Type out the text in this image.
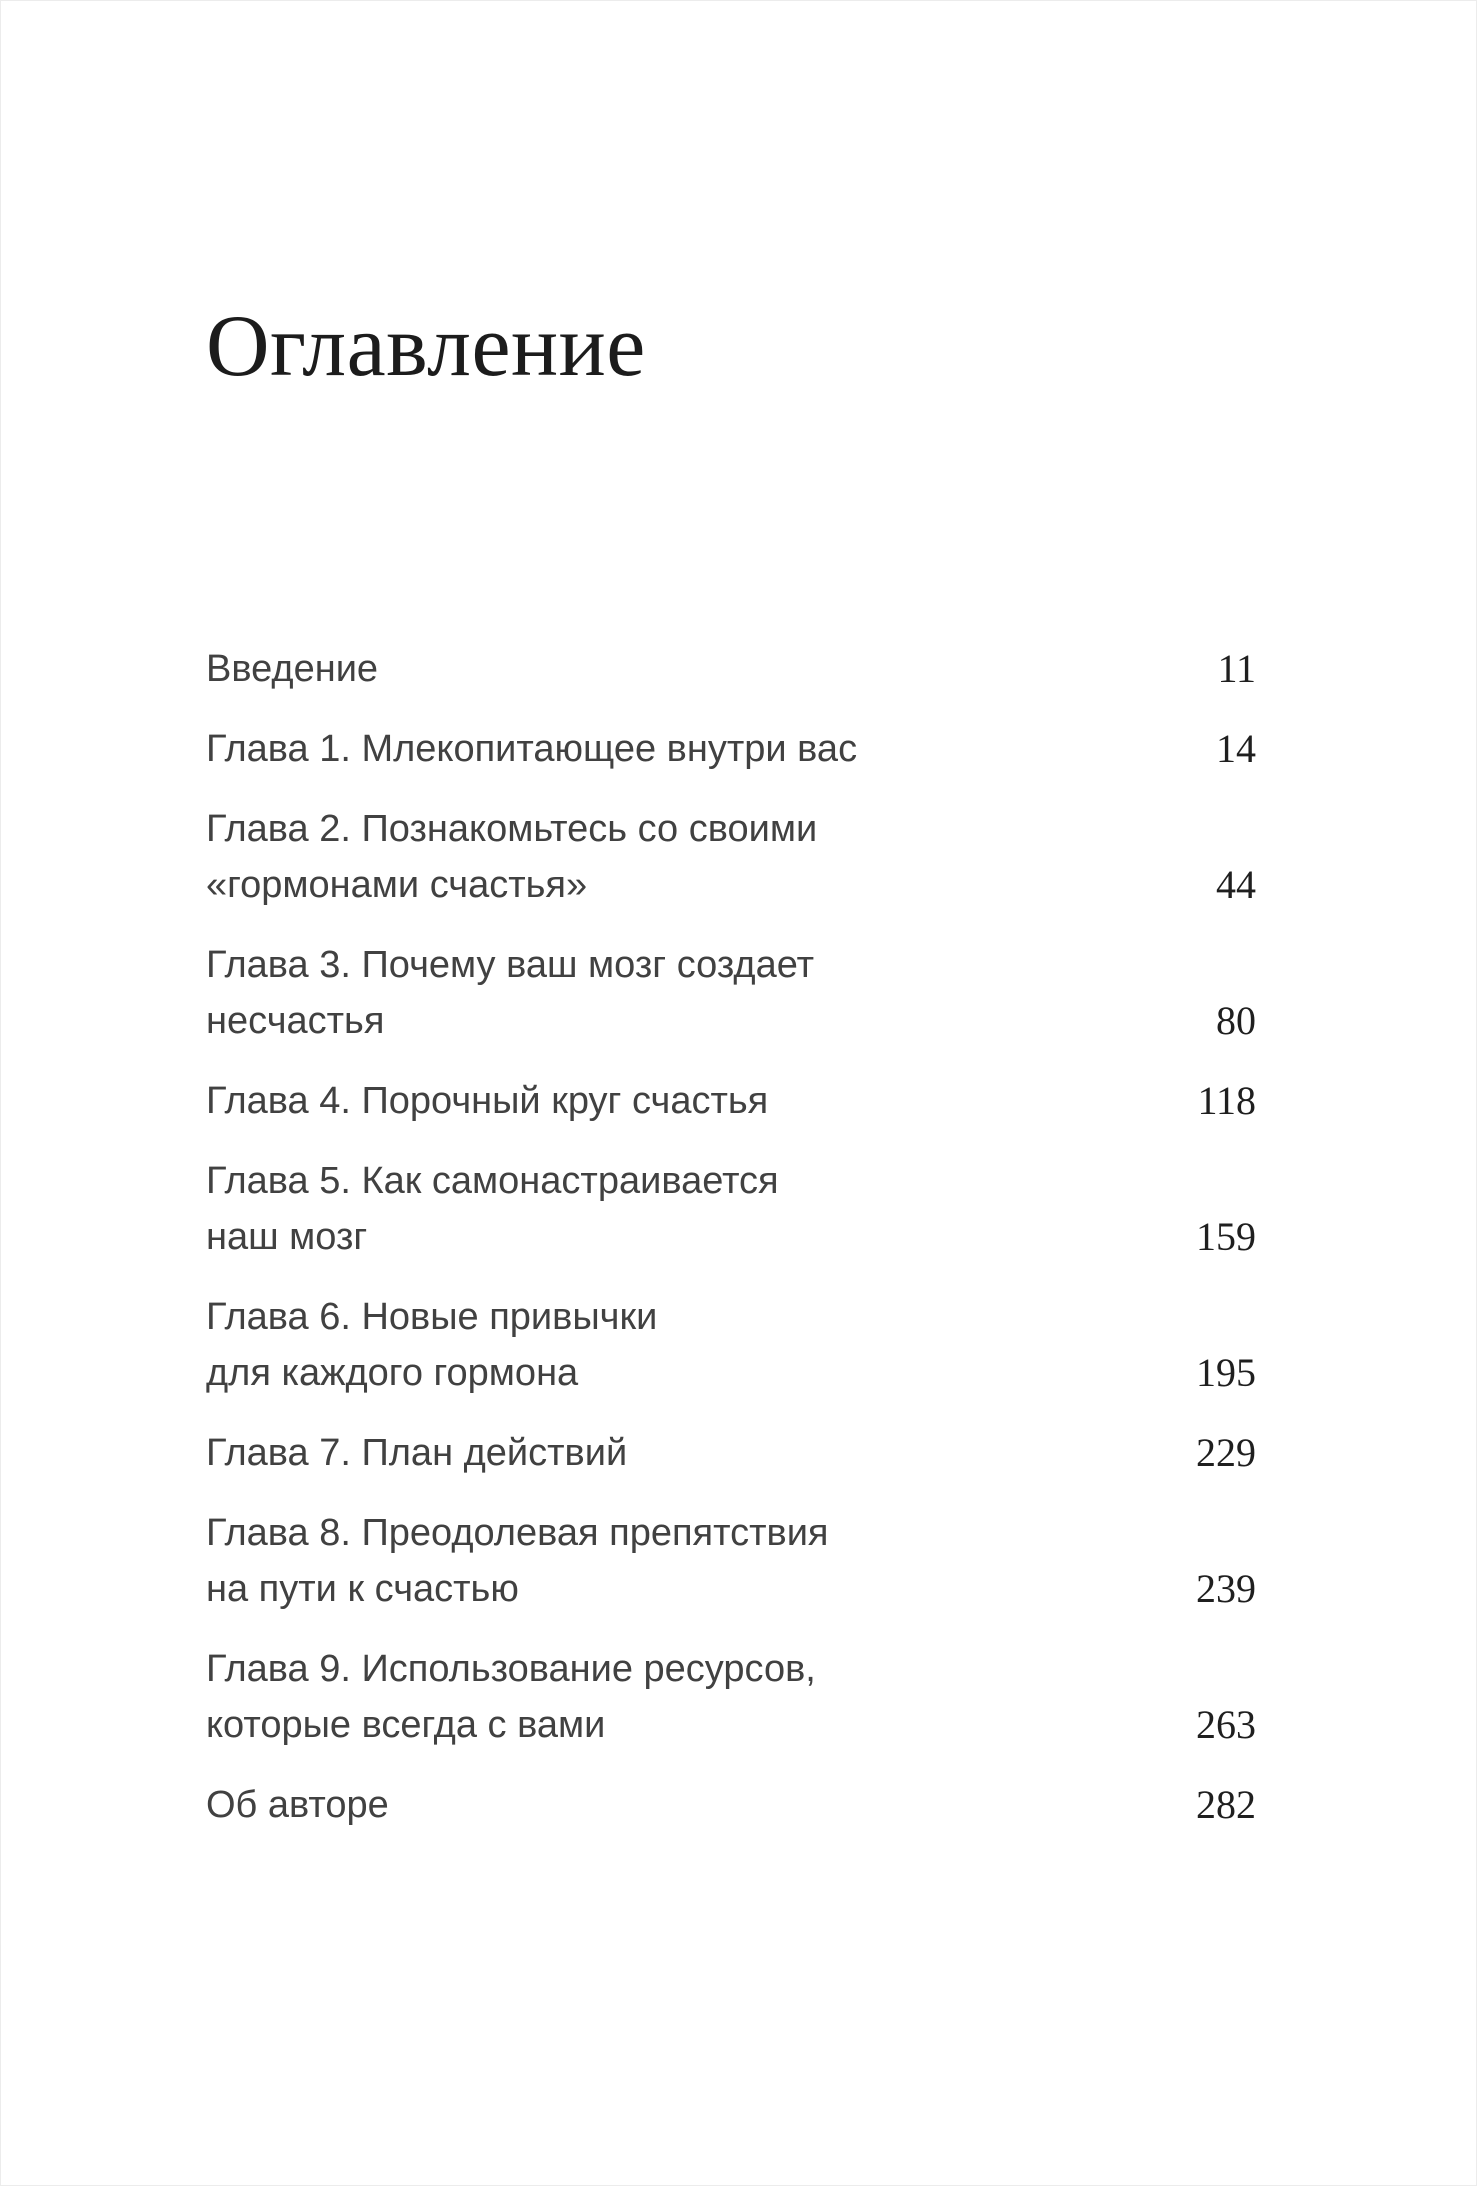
Оглавление
Введение	11
Глава 1. Млекопитающее внутри вас	14
Глава 2. Познакомьтесь со своими
«гормонами счастья»	44
Глава 3. Почему ваш мозг создает
несчастья	80
Глава 4. Порочный круг счастья	118
Глава 5. Как самонастраивается
наш мозг	159
Глава 6. Новые привычки
для каждого гормона	195
Глава 7. План действий	229
Глава 8. Преодолевая препятствия
на пути к счастью	239
Глава 9. Использование ресурсов,
которые всегда с вами	263
Об авторе	282
